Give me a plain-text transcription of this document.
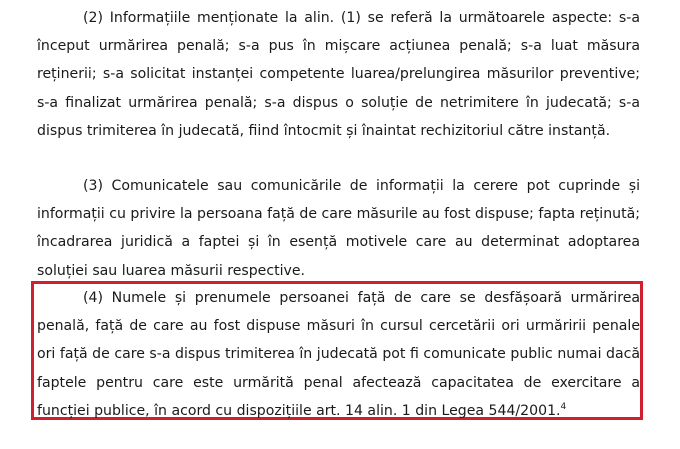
(2) Informațiile menționate la alin. (1) se referă la următoarele aspecte: s-a început urmărirea penală; s-a pus în mișcare acțiunea penală; s-a luat măsura reținerii; s-a solicitat instanței competente luarea/prelungirea măsurilor preventive; s-a finalizat urmărirea penală; s-a dispus o soluție de netrimitere în judecată; s-a dispus trimiterea în judecată, fiind întocmit și înaintat rechizitoriul către instanță.

(3) Comunicatele sau comunicările de informații la cerere pot cuprinde și informații cu privire la persoana față de care măsurile au fost dispuse; fapta reținută; încadrarea juridică a faptei și în esență motivele care au determinat adoptarea soluției sau luarea măsurii respective.

(4) Numele și prenumele persoanei față de care se desfășoară urmărirea penală, față de care au fost dispuse măsuri în cursul cercetării ori urmăririi penale ori față de care s-a dispus trimiterea în judecată pot fi comunicate public numai dacă faptele pentru care este urmărită penal afectează capacitatea de exercitare a funcției publice, în acord cu dispozițiile art. 14 alin. 1 din Legea 544/2001.$^4$
